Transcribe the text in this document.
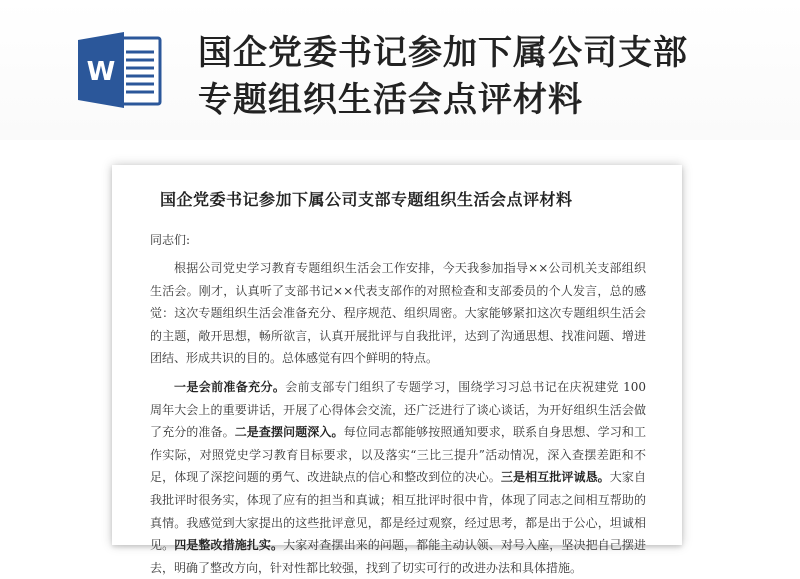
W 国企党委书记参加下属公司支部
专题组织生活会点评材料
国企党委书记参加下属公司支部专题组织生活会点评材料

同志们:

根据公司党史学习教育专题组织生活会工作安排，今天我参加指导××公司机关支部组织生活会。刚才，认真听了支部书记××代表支部作的对照检查和支部委员的个人发言，总的感觉：这次专题组织生活会准备充分、程序规范、组织周密。大家能够紧扣这次专题组织生活会的主题，敞开思想，畅所欲言，认真开展批评与自我批评，达到了沟通思想、找准问题、增进团结、形成共识的目的。总体感觉有四个鲜明的特点。

一是会前准备充分。会前支部专门组织了专题学习，围绕学习习总书记在庆祝建党 100 周年大会上的重要讲话，开展了心得体会交流，还广泛进行了谈心谈话，为开好组织生活会做了充分的准备。二是查摆问题深入。每位同志都能够按照通知要求，联系自身思想、学习和工作实际，对照党史学习教育目标要求，以及落实“三比三提升”活动情况，深入查摆差距和不足，体现了深挖问题的勇气、改进缺点的信心和整改到位的决心。三是相互批评诚恳。大家自我批评时很务实，体现了应有的担当和真诚；相互批评时很中肯，体现了同志之间相互帮助的真情。我感觉到大家提出的这些批评意见，都是经过观察，经过思考，都是出于公心，坦诚相见。四是整改措施扎实。大家对查摆出来的问题，都能主动认领、对号入座，坚决把自己摆进去，明确了整改方向，针对性都比较强，找到了切实可行的改进办法和具体措施。
